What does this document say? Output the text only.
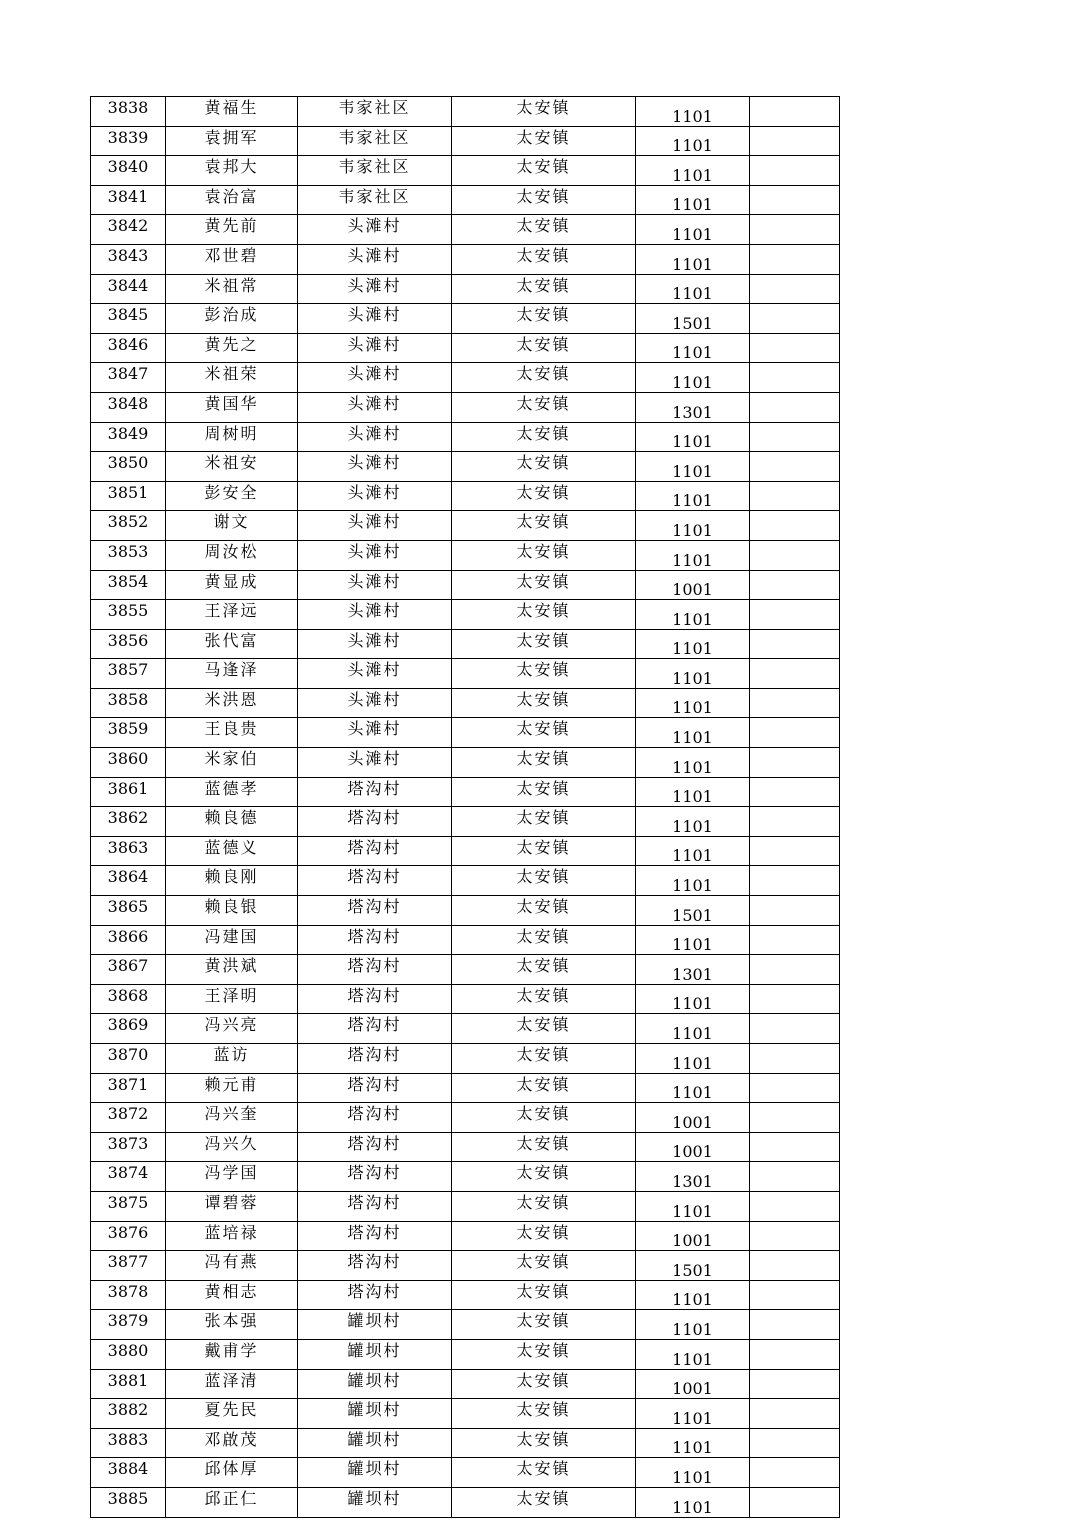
3838	黄福生	韦家社区	太安镇	1101	
3839	袁拥军	韦家社区	太安镇	1101	
3840	袁邦大	韦家社区	太安镇	1101	
3841	袁治富	韦家社区	太安镇	1101	
3842	黄先前	头滩村	太安镇	1101	
3843	邓世碧	头滩村	太安镇	1101	
3844	米祖常	头滩村	太安镇	1101	
3845	彭治成	头滩村	太安镇	1501	
3846	黄先之	头滩村	太安镇	1101	
3847	米祖荣	头滩村	太安镇	1101	
3848	黄国华	头滩村	太安镇	1301	
3849	周树明	头滩村	太安镇	1101	
3850	米祖安	头滩村	太安镇	1101	
3851	彭安全	头滩村	太安镇	1101	
3852	谢文	头滩村	太安镇	1101	
3853	周汝松	头滩村	太安镇	1101	
3854	黄显成	头滩村	太安镇	1001	
3855	王泽远	头滩村	太安镇	1101	
3856	张代富	头滩村	太安镇	1101	
3857	马逢泽	头滩村	太安镇	1101	
3858	米洪恩	头滩村	太安镇	1101	
3859	王良贵	头滩村	太安镇	1101	
3860	米家伯	头滩村	太安镇	1101	
3861	蓝德孝	塔沟村	太安镇	1101	
3862	赖良德	塔沟村	太安镇	1101	
3863	蓝德义	塔沟村	太安镇	1101	
3864	赖良刚	塔沟村	太安镇	1101	
3865	赖良银	塔沟村	太安镇	1501	
3866	冯建国	塔沟村	太安镇	1101	
3867	黄洪斌	塔沟村	太安镇	1301	
3868	王泽明	塔沟村	太安镇	1101	
3869	冯兴亮	塔沟村	太安镇	1101	
3870	蓝访	塔沟村	太安镇	1101	
3871	赖元甫	塔沟村	太安镇	1101	
3872	冯兴奎	塔沟村	太安镇	1001	
3873	冯兴久	塔沟村	太安镇	1001	
3874	冯学国	塔沟村	太安镇	1301	
3875	谭碧蓉	塔沟村	太安镇	1101	
3876	蓝培禄	塔沟村	太安镇	1001	
3877	冯有燕	塔沟村	太安镇	1501	
3878	黄相志	塔沟村	太安镇	1101	
3879	张本强	罐坝村	太安镇	1101	
3880	戴甫学	罐坝村	太安镇	1101	
3881	蓝泽清	罐坝村	太安镇	1001	
3882	夏先民	罐坝村	太安镇	1101	
3883	邓啟茂	罐坝村	太安镇	1101	
3884	邱体厚	罐坝村	太安镇	1101	
3885	邱正仁	罐坝村	太安镇	1101	
